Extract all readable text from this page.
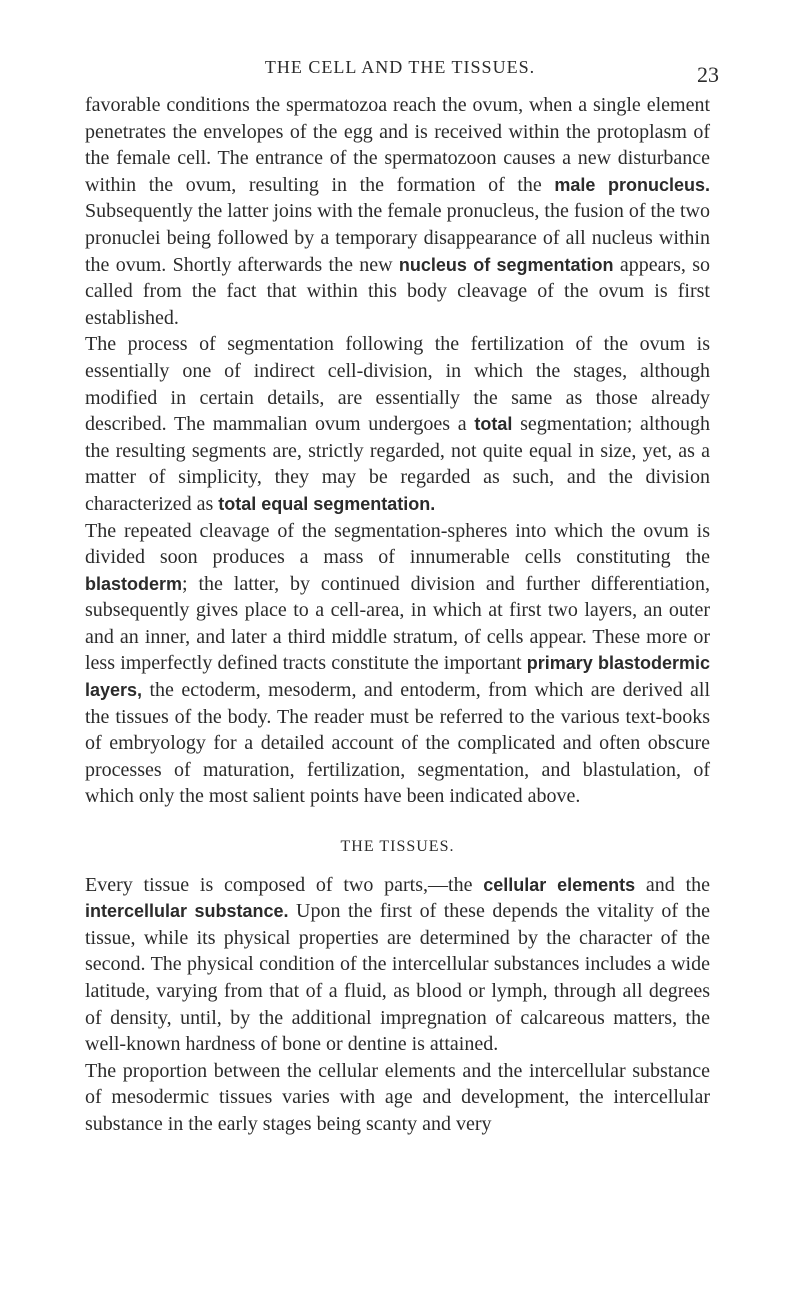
THE CELL AND THE TISSUES.	23

favorable conditions the spermatozoa reach the ovum, when a single element penetrates the envelopes of the egg and is received within the protoplasm of the female cell. The entrance of the spermatozoon causes a new disturbance within the ovum, resulting in the formation of the male pronucleus. Subsequently the latter joins with the female pronucleus, the fusion of the two pronuclei being followed by a temporary disappearance of all nucleus within the ovum. Shortly afterwards the new nucleus of segmentation appears, so called from the fact that within this body cleavage of the ovum is first established.

The process of segmentation following the fertilization of the ovum is essentially one of indirect cell-division, in which the stages, although modified in certain details, are essentially the same as those already described. The mammalian ovum undergoes a total segmentation; although the resulting segments are, strictly regarded, not quite equal in size, yet, as a matter of simplicity, they may be regarded as such, and the division characterized as total equal segmentation.

The repeated cleavage of the segmentation-spheres into which the ovum is divided soon produces a mass of innumerable cells constituting the blastoderm; the latter, by continued division and further differentiation, subsequently gives place to a cell-area, in which at first two layers, an outer and an inner, and later a third middle stratum, of cells appear. These more or less imperfectly defined tracts constitute the important primary blastodermic layers, the ectoderm, mesoderm, and entoderm, from which are derived all the tissues of the body. The reader must be referred to the various text-books of embryology for a detailed account of the complicated and often obscure processes of maturation, fertilization, segmentation, and blastulation, of which only the most salient points have been indicated above.

THE TISSUES.

Every tissue is composed of two parts,—the cellular elements and the intercellular substance. Upon the first of these depends the vitality of the tissue, while its physical properties are determined by the character of the second. The physical condition of the intercellular substances includes a wide latitude, varying from that of a fluid, as blood or lymph, through all degrees of density, until, by the additional impregnation of calcareous matters, the well-known hardness of bone or dentine is attained.

The proportion between the cellular elements and the intercellular substance of mesodermic tissues varies with age and development, the intercellular substance in the early stages being scanty and very
